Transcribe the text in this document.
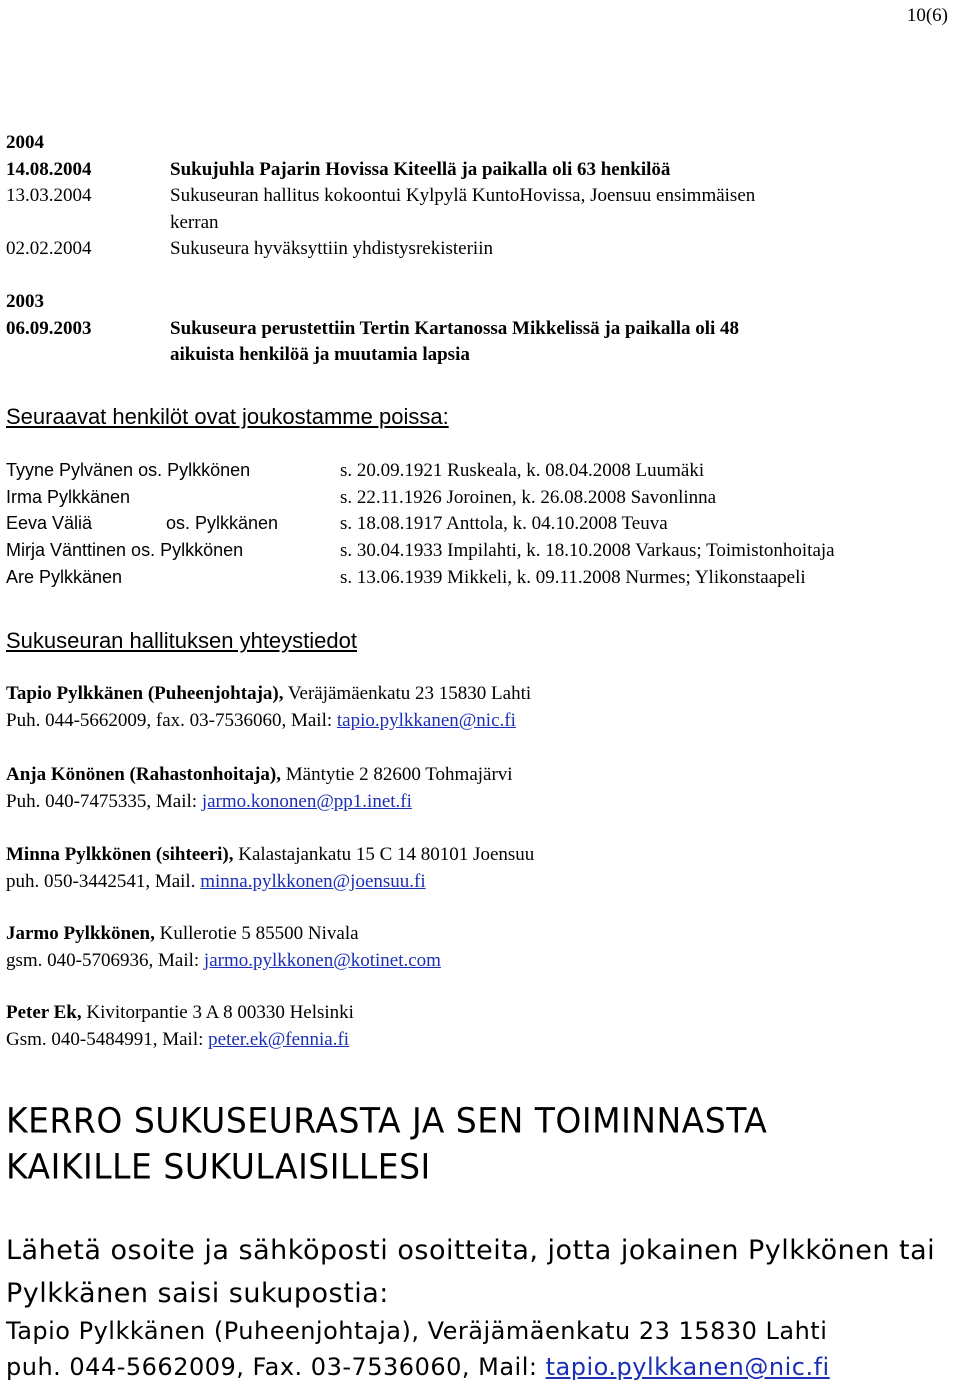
10(6)
2004
14.08.2004	Sukujuhla Pajarin Hovissa Kiteellä ja paikalla oli 63 henkilöä
13.03.2004	Sukuseuran hallitus kokoontui Kylpylä KuntoHovissa, Joensuu ensimmäisen
kerran
02.02.2004	Sukuseura hyväksyttiin yhdistysrekisteriin
2003
06.09.2003	Sukuseura perustettiin Tertin Kartanossa Mikkelissä ja paikalla oli 48
aikuista henkilöä ja muutamia lapsia
Seuraavat henkilöt ovat joukostamme poissa:
Tyyne Pylvänen os. Pylkkönen	s. 20.09.1921 Ruskeala, k. 08.04.2008 Luumäki
Irma Pylkkänen	s. 22.11.1926 Joroinen, k. 26.08.2008 Savonlinna
Eeva Väliä	os. Pylkkänen	s. 18.08.1917 Anttola, k. 04.10.2008 Teuva
Mirja Vänttinen os. Pylkkönen	s. 30.04.1933 Impilahti, k. 18.10.2008 Varkaus; Toimistonhoitaja
Are Pylkkänen	s. 13.06.1939 Mikkeli, k. 09.11.2008 Nurmes; Ylikonstaapeli
Sukuseuran hallituksen yhteystiedot
Tapio Pylkkänen (Puheenjohtaja), Veräjämäenkatu 23 15830 Lahti
Puh. 044-5662009, fax. 03-7536060, Mail: tapio.pylkkanen@nic.fi
Anja Könönen (Rahastonhoitaja), Mäntytie 2 82600 Tohmajärvi
Puh. 040-7475335, Mail: jarmo.kononen@pp1.inet.fi
Minna Pylkkönen (sihteeri), Kalastajankatu 15 C 14 80101 Joensuu
puh. 050-3442541, Mail. minna.pylkkonen@joensuu.fi
Jarmo Pylkkönen, Kullerotie 5 85500 Nivala
gsm. 040-5706936, Mail: jarmo.pylkkonen@kotinet.com
Peter Ek, Kivitorpantie 3 A 8 00330 Helsinki
Gsm. 040-5484991, Mail: peter.ek@fennia.fi
KERRO SUKUSEURASTA JA SEN TOIMINNASTA
KAIKILLE SUKULAISILLESI
Lähetä osoite ja sähköposti osoitteita, jotta jokainen Pylkkönen tai
Pylkkänen saisi sukupostia:
Tapio Pylkkänen (Puheenjohtaja), Veräjämäenkatu 23 15830 Lahti
puh. 044-5662009, Fax. 03-7536060, Mail: tapio.pylkkanen@nic.fi
